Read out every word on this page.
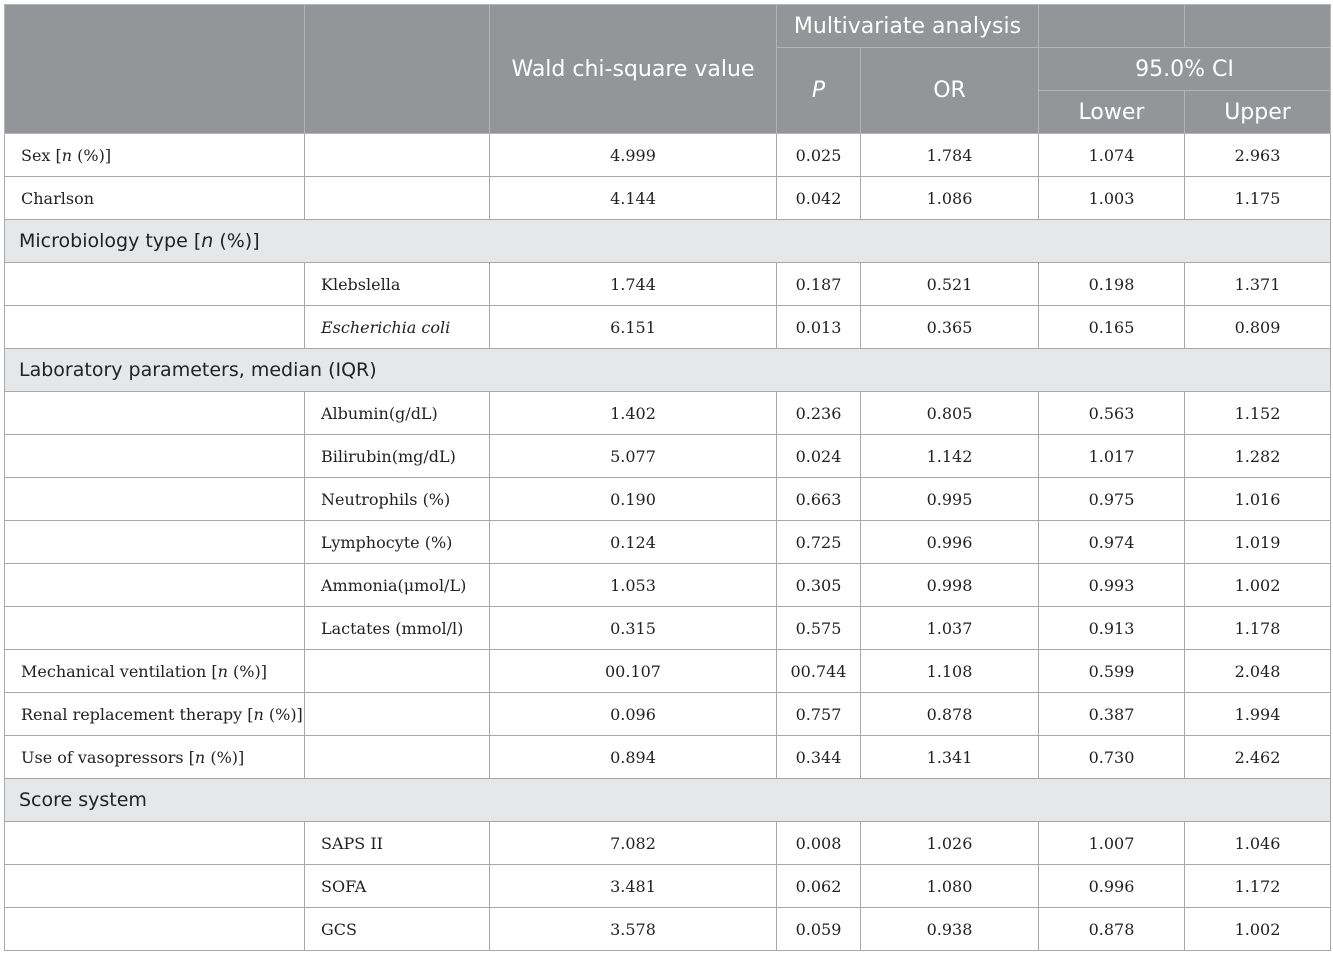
		Wald chi-square value	Multivariate analysis			
			P	OR	95.0% CI	
					Lower	Upper
Sex [n (%)]		4.999	0.025	1.784	1.074	2.963
Charlson		4.144	0.042	1.086	1.003	1.175
Microbiology type [n (%)]						
	Klebslella	1.744	0.187	0.521	0.198	1.371
	Escherichia coli	6.151	0.013	0.365	0.165	0.809
Laboratory parameters, median (IQR)						
	Albumin(g/dL)	1.402	0.236	0.805	0.563	1.152
	Bilirubin(mg/dL)	5.077	0.024	1.142	1.017	1.282
	Neutrophils (%)	0.190	0.663	0.995	0.975	1.016
	Lymphocyte (%)	0.124	0.725	0.996	0.974	1.019
	Ammonia(μmol/L)	1.053	0.305	0.998	0.993	1.002
	Lactates (mmol/l)	0.315	0.575	1.037	0.913	1.178
Mechanical ventilation [n (%)]		00.107	00.744	1.108	0.599	2.048
Renal replacement therapy [n (%)]		0.096	0.757	0.878	0.387	1.994
Use of vasopressors [n (%)]		0.894	0.344	1.341	0.730	2.462
Score system						
	SAPS II	7.082	0.008	1.026	1.007	1.046
	SOFA	3.481	0.062	1.080	0.996	1.172
	GCS	3.578	0.059	0.938	0.878	1.002
